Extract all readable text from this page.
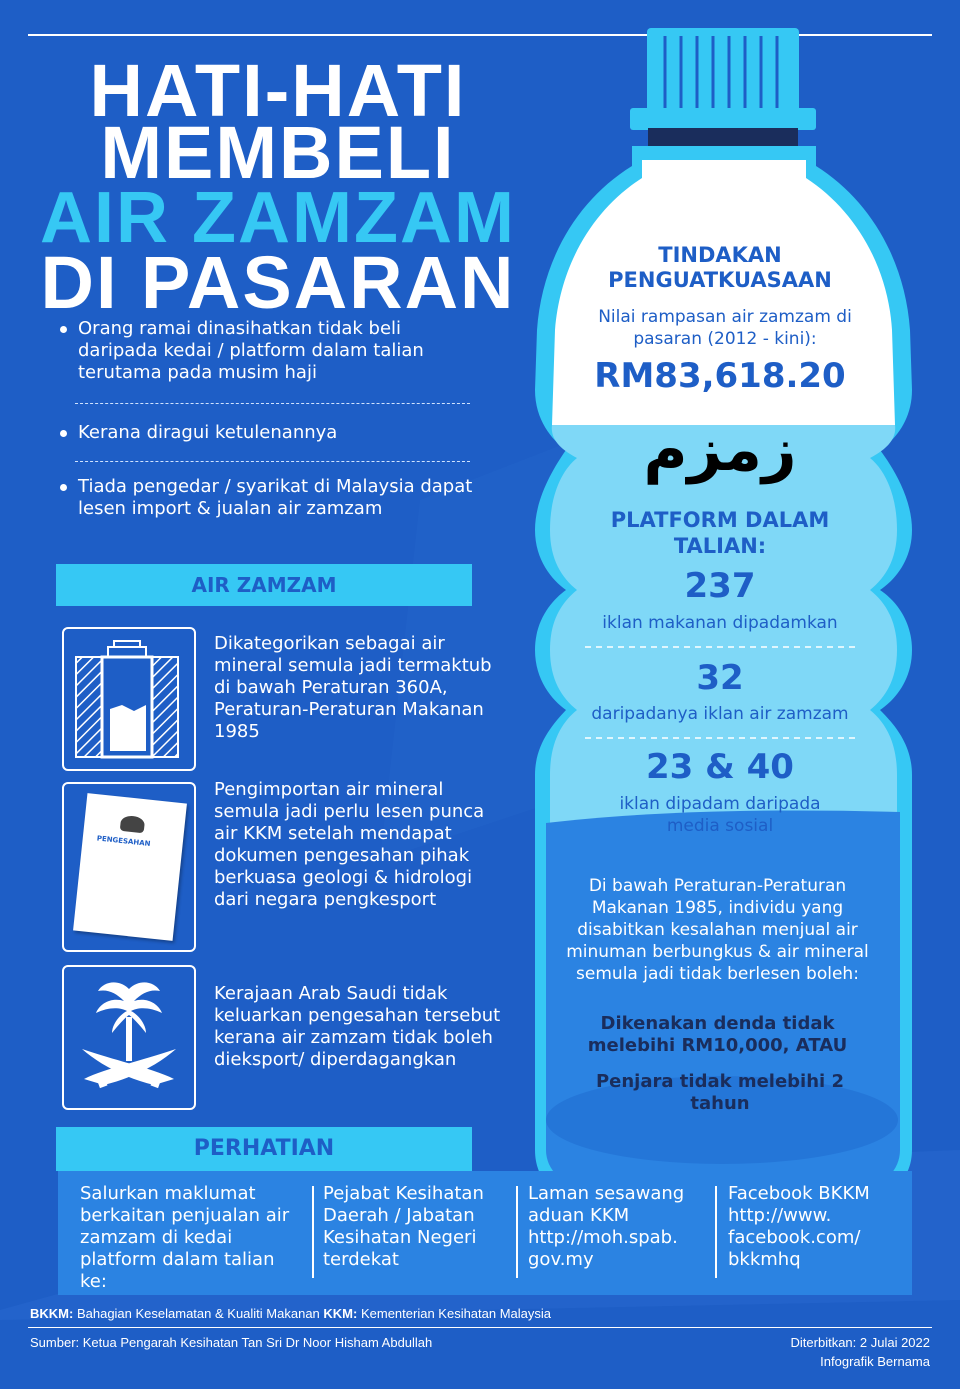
HATI-HATI
MEMBELI
AIR ZAMZAM
DI PASARAN
Orang ramai dinasihatkan tidak beli daripada kedai / platform dalam talian terutama pada musim haji
Kerana diragui ketulenannya
Tiada pengedar / syarikat di Malaysia dapat lesen import & jualan air zamzam
AIR ZAMZAM
Dikategorikan sebagai air mineral semula jadi termaktub di bawah Peraturan 360A, Peraturan-Peraturan Makanan 1985
PENGESAHAN
Pengimportan air mineral semula jadi perlu lesen punca air KKM setelah mendapat dokumen pengesahan pihak berkuasa geologi & hidrologi dari negara pengkesport
Kerajaan Arab Saudi tidak keluarkan pengesahan tersebut kerana air zamzam tidak boleh dieksport/ diperdagangkan
TINDAKAN PENGUATKUASAAN
Nilai rampasan air zamzam di pasaran (2012 - kini):
RM83,618.20
زمزم
PLATFORM DALAM TALIAN:
237
iklan makanan dipadamkan
32
daripadanya iklan air zamzam
23 & 40
iklan dipadam daripada media sosial
Di bawah Peraturan-Peraturan Makanan 1985, individu yang disabitkan kesalahan menjual air minuman berbungkus & air mineral semula jadi tidak berlesen boleh:
Dikenakan denda tidak melebihi RM10,000, ATAU
Penjara tidak melebihi 2 tahun
PERHATIAN
Salurkan maklumat berkaitan penjualan air zamzam di kedai platform dalam talian ke:
Pejabat Kesihatan Daerah / Jabatan Kesihatan Negeri terdekat
Laman sesawang aduan KKM http://moh.spab. gov.my
Facebook BKKM http://www. facebook.com/ bkkmhq
BKKM: Bahagian Keselamatan & Kualiti Makanan KKM: Kementerian Kesihatan Malaysia
Sumber: Ketua Pengarah Kesihatan Tan Sri Dr Noor Hisham Abdullah	Diterbitkan: 2 Julai 2022
Infografik Bernama
